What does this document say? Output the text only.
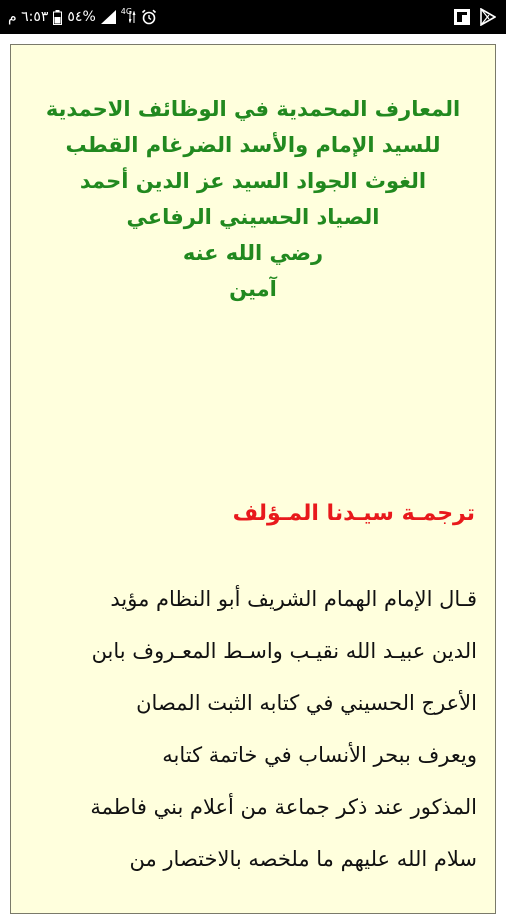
٦:٥٣ م %٥٤	4G
المعارف المحمدية في الوظائف الاحمدية
للسيد الإمام والأسد الضرغام القطب
الغوث الجواد السيد عز الدين أحمد
الصياد الحسيني الرفاعي
رضي الله عنه
آمين
ترجمـة سيـدنا المـؤلف
قـال الإمام الهمام الشريف أبو النظام مؤيد
الدين عبيـد الله نقيـب واسـط المعـروف بابن
الأعرج الحسيني في كتابه الثبت المصان
ويعرف ببحر الأنساب في خاتمة كتابه
المذكور عند ذكر جماعة من أعلام بني فاطمة
سلام الله عليهم ما ملخصه بالاختصار من
